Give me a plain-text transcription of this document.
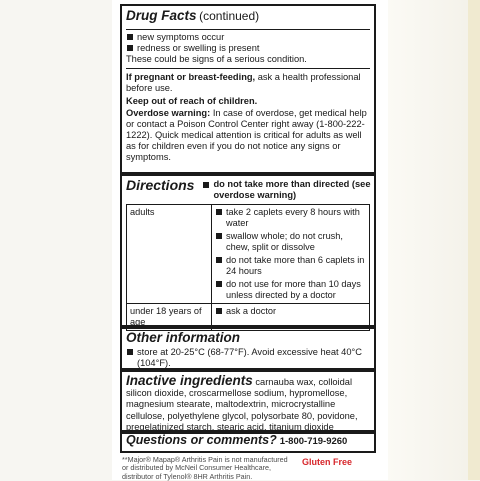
Drug Facts (continued)
new symptoms occur
redness or swelling is present
These could be signs of a serious condition.
If pregnant or breast-feeding, ask a health professional before use.
Keep out of reach of children.
Overdose warning: In case of overdose, get medical help or contact a Poison Control Center right away (1-800-222-1222). Quick medical attention is critical for adults as well as for children even if you do not notice any signs or symptoms.
Directions do not take more than directed (see overdose warning)
adults	take 2 caplets every 8 hours with water
swallow whole; do not crush, chew, split or dissolve
do not take more than 6 caplets in 24 hours
do not use for more than 10 days unless directed by a doctor

under 18 years of age	ask a doctor
Other information
store at 20-25°C (68-77°F). Avoid excessive heat 40°C (104°F).
Inactive ingredients carnauba wax, colloidal silicon dioxide, croscarmellose sodium, hypromellose, magnesium stearate, maltodextrin, microcrystalline cellulose, polyethylene glycol, polysorbate 80, povidone, pregelatinized starch, stearic acid, titanium dioxide
Questions or comments? 1-800-719-9260
**Major® Mapap® Arthritis Pain is not manufactured or distributed by McNeil Consumer Healthcare, distributor of Tylenol® 8HR Arthritis Pain.
Gluten Free
